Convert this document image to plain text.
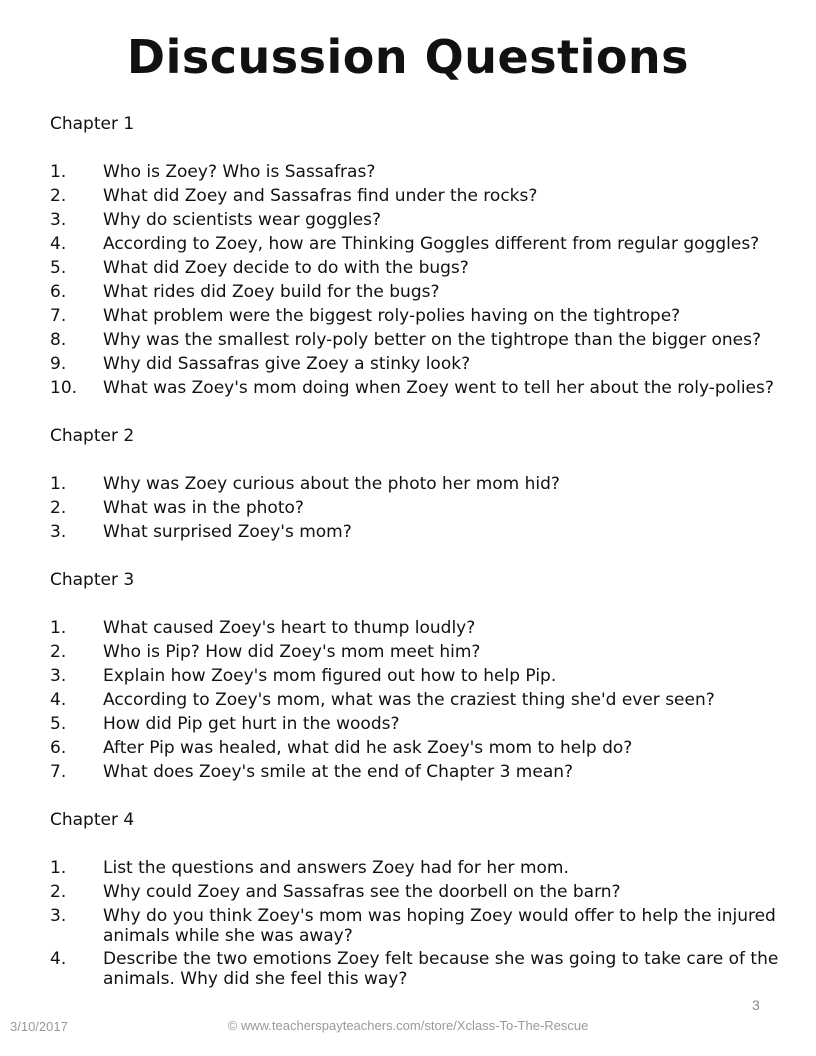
Discussion Questions
Chapter 1
1.	Who is Zoey? Who is Sassafras?
2.	What did Zoey and Sassafras find under the rocks?
3.	Why do scientists wear goggles?
4.	According to Zoey, how are Thinking Goggles different from regular goggles?
5.	What did Zoey decide to do with the bugs?
6.	What rides did Zoey build for the bugs?
7.	What problem were the biggest roly-polies having on the tightrope?
8.	Why was the smallest roly-poly better on the tightrope than the bigger ones?
9.	Why did Sassafras give Zoey a stinky look?
10.	What was Zoey's mom doing when Zoey went to tell her about the roly-polies?
Chapter 2
1.	Why was Zoey curious about the photo her mom hid?
2.	What was in the photo?
3.	What surprised Zoey's mom?
Chapter 3
1.	What caused Zoey's heart to thump loudly?
2.	Who is Pip? How did Zoey's mom meet him?
3.	Explain how Zoey's mom figured out how to help Pip.
4.	According to Zoey's mom, what was the craziest thing she'd ever seen?
5.	How did Pip get hurt in the woods?
6.	After Pip was healed, what did he ask Zoey's mom to help do?
7.	What does Zoey's smile at the end of Chapter 3 mean?
Chapter 4
1.	List the questions and answers Zoey had for her mom.
2.	Why could Zoey and Sassafras see the doorbell on the barn?
3.	Why do you think Zoey's mom was hoping Zoey would offer to help the injured animals while she was away?
4.	Describe the two emotions Zoey felt because she was going to take care of the animals. Why did she feel this way?
3
3/10/2017	© www.teacherspayteachers.com/store/Xclass-To-The-Rescue
